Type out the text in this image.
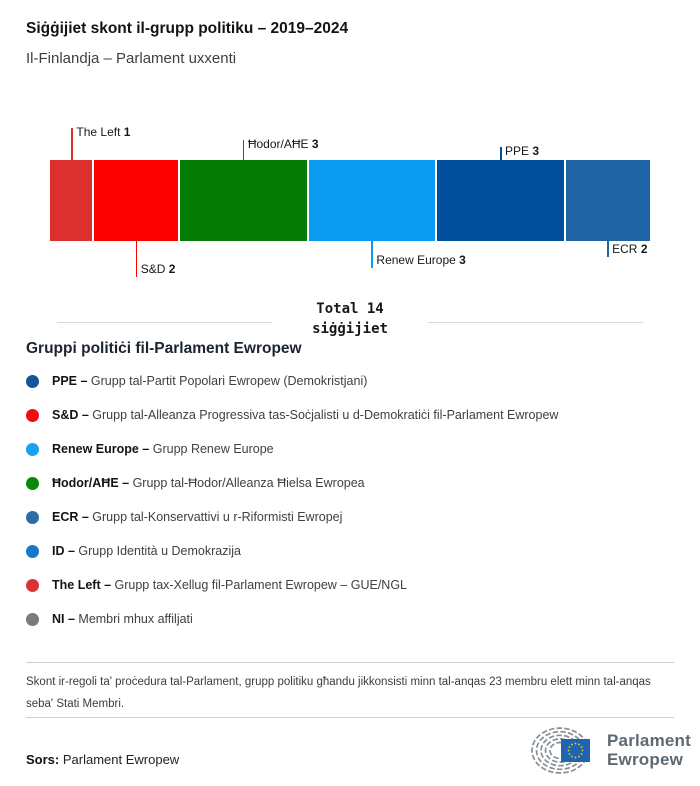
Siġġijiet skont il-grupp politiku – 2019–2024
Il-Finlandja – Parlament uxxenti
The Left 1
S&D 2
Ħodor/AĦE 3
Renew Europe 3
PPE 3
ECR 2
Total 14
siġġijiet
Gruppi politiċi fil-Parlament Ewropew
PPE – Grupp tal-Partit Popolari Ewropew (Demokristjani)
S&D – Grupp tal-Alleanza Progressiva tas-Soċjalisti u d-Demokratiċi fil-Parlament Ewropew
Renew Europe – Grupp Renew Europe
Ħodor/AĦE – Grupp tal-Ħodor/Alleanza Ħielsa Ewropea
ECR – Grupp tal-Konservattivi u r-Riformisti Ewropej
ID – Grupp Identità u Demokrazija
The Left – Grupp tax-Xellug fil-Parlament Ewropew – GUE/NGL
NI – Membri mhux affiljati
Skont ir-regoli ta' proċedura tal-Parlament, grupp politiku għandu jikkonsisti minn tal-anqas 23 membru elett minn tal-anqas seba' Stati Membri.
Sors: Parlament Ewropew
Parlament
Ewropew
